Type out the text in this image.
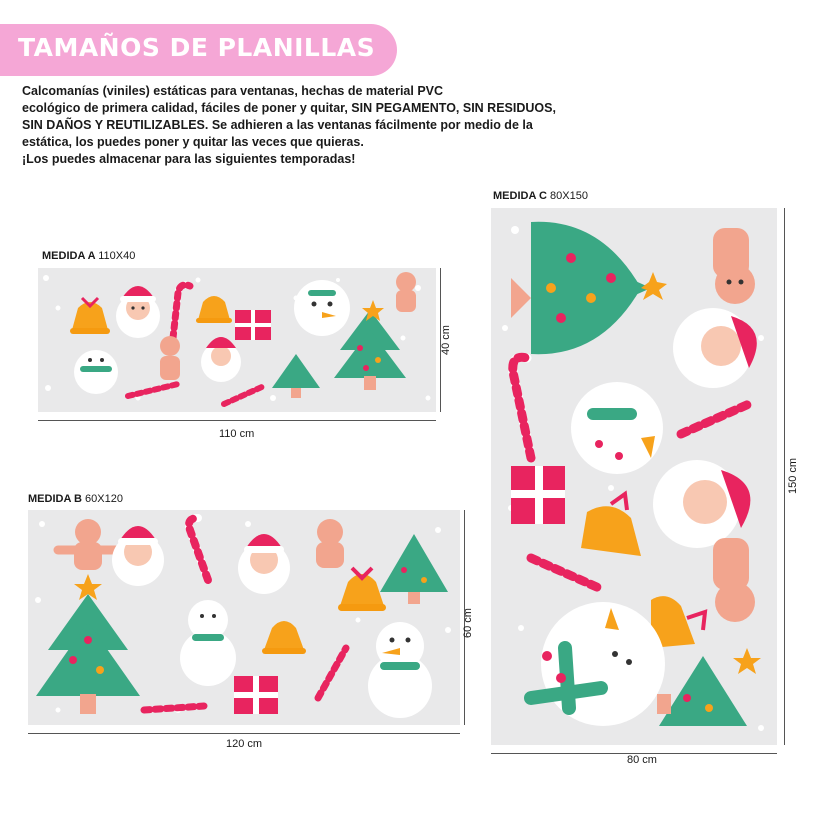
TAMAÑOS DE PLANILLAS

Calcomanías (viniles) estáticas para ventanas, hechas de material PVC

ecológico de primera calidad, fáciles de poner y quitar, SIN PEGAMENTO, SIN RESIDUOS,

SIN DAÑOS Y REUTILIZABLES. Se adhieren a las ventanas fácilmente por medio de la

estática, los puedes poner y quitar las veces que quieras.

¡Los puedes almacenar para las siguientes temporadas!

MEDIDA A 110X40
110 cm
40 cm
MEDIDA B 60X120
120 cm
60 cm
MEDIDA C 80X150
80 cm
150 cm
